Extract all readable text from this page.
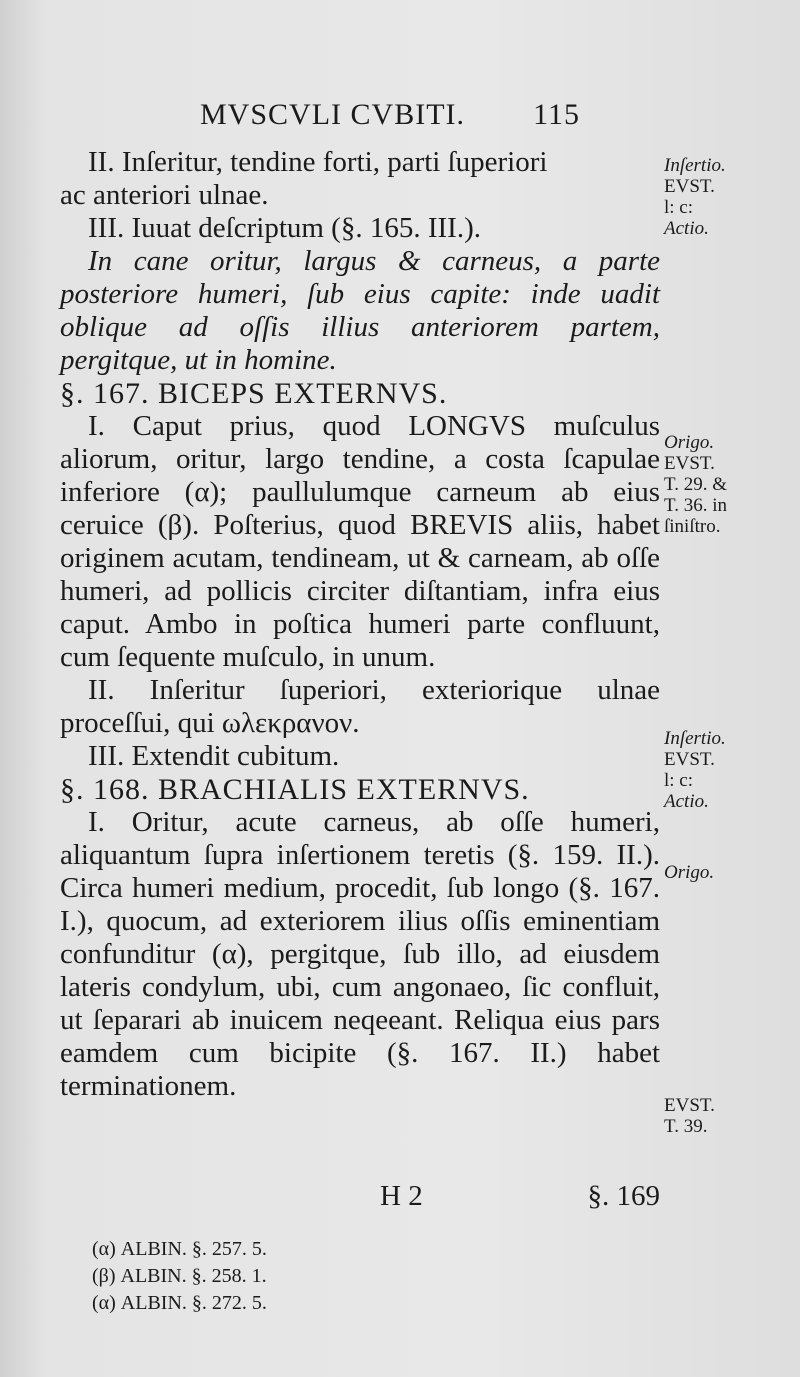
MVSCVLI CVBITI. 115

II. Inſeritur, tendine forti, parti ſuperiori

ac anteriori ulnae.

III. Iuuat deſcriptum (§. 165. III.).

In cane oritur, largus & carneus, a parte posteriore humeri, ſub eius capite: inde uadit oblique ad oſſis illius anteriorem partem, pergitque, ut in homine.

§. 167. BICEPS EXTERNVS.

I. Caput prius, quod LONGVS muſculus aliorum, oritur, largo tendine, a costa ſcapulae inferiore (α); paullulumque carneum ab eius ceruice (β). Poſterius, quod BREVIS aliis, habet originem acutam, tendineam, ut & carneam, ab oſſe humeri, ad pollicis circiter diſtantiam, infra eius caput. Ambo in poſtica humeri parte confluunt, cum ſequente muſculo, in unum.

II. Inſeritur ſuperiori, exteriorique ulnae proceſſui, qui ωλεκρανον.

III. Extendit cubitum.

§. 168. BRACHIALIS EXTERNVS.

I. Oritur, acute carneus, ab oſſe humeri, aliquantum ſupra inſertionem teretis (§. 159. II.). Circa humeri medium, procedit, ſub longo (§. 167. I.), quocum, ad exteriorem ilius oſſis eminentiam confunditur (α), pergitque, ſub illo, ad eiusdem lateris condylum, ubi, cum angonaeo, ſic confluit, ut ſeparari ab inuicem neqeeant. Reliqua eius pars eamdem cum bicipite (§. 167. II.) habet terminationem.

Inſertio.
EVST.
l: c:
Actio.
Origo.
EVST.
T. 29. &
T. 36. in
ſiniſtro.
Inſertio.
EVST.
l: c:
Actio.
Origo.
EVST.
T. 39.
H 2	§. 169
(α) ALBIN. §. 257. 5.
(β) ALBIN. §. 258. 1.
(α) ALBIN. §. 272. 5.
